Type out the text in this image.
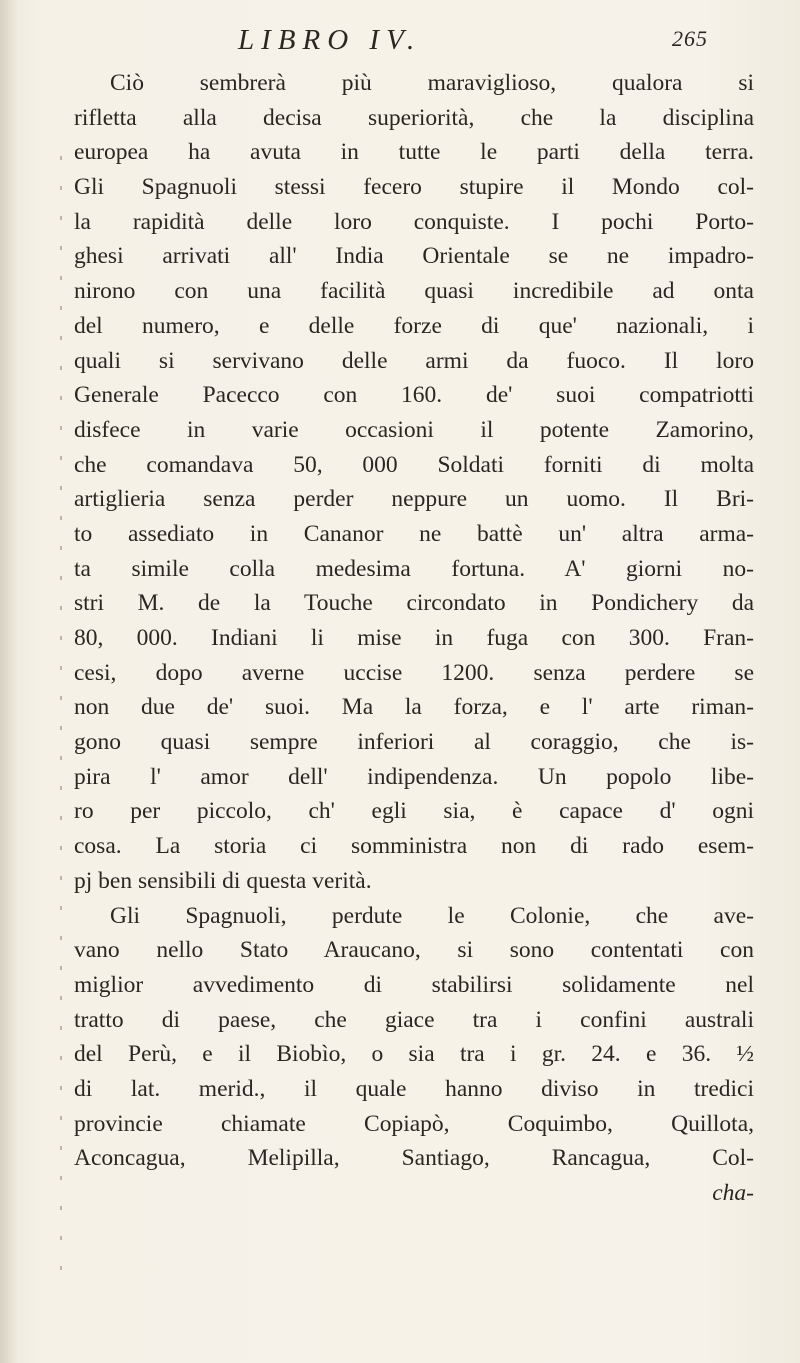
LIBRO IV.	265
Ciò sembrerà più maraviglioso, qualora si
rifletta alla decisa superiorità, che la disciplina
europea ha avuta in tutte le parti della terra.
Gli Spagnuoli stessi fecero stupire il Mondo col-
la rapidità delle loro conquiste. I pochi Porto-
ghesi arrivati all' India Orientale se ne impadro-
nirono con una facilità quasi incredibile ad onta
del numero, e delle forze di que' nazionali, i
quali si servivano delle armi da fuoco. Il loro
Generale Pacecco con 160. de' suoi compatriotti
disfece in varie occasioni il potente Zamorino,
che comandava 50, 000 Soldati forniti di molta
artiglieria senza perder neppure un uomo. Il Bri-
to assediato in Cananor ne battè un' altra arma-
ta simile colla medesima fortuna. A' giorni no-
stri M. de la Touche circondato in Pondichery da
80, 000. Indiani li mise in fuga con 300. Fran-
cesi, dopo averne uccise 1200. senza perdere se
non due de' suoi. Ma la forza, e l' arte riman-
gono quasi sempre inferiori al coraggio, che is-
pira l' amor dell' indipendenza. Un popolo libe-
ro per piccolo, ch' egli sia, è capace d' ogni
cosa. La storia ci somministra non di rado esem-
pj ben sensibili di questa verità.
Gli Spagnuoli, perdute le Colonie, che ave-
vano nello Stato Araucano, si sono contentati con
miglior avvedimento di stabilirsi solidamente nel
tratto di paese, che giace tra i confini australi
del Perù, e il Biobìo, o sia tra i gr. 24. e 36. ½
di lat. merid., il quale hanno diviso in tredici
provincie chiamate Copiapò, Coquimbo, Quillota,
Aconcagua, Melipilla, Santiago, Rancagua, Col-
cha-
